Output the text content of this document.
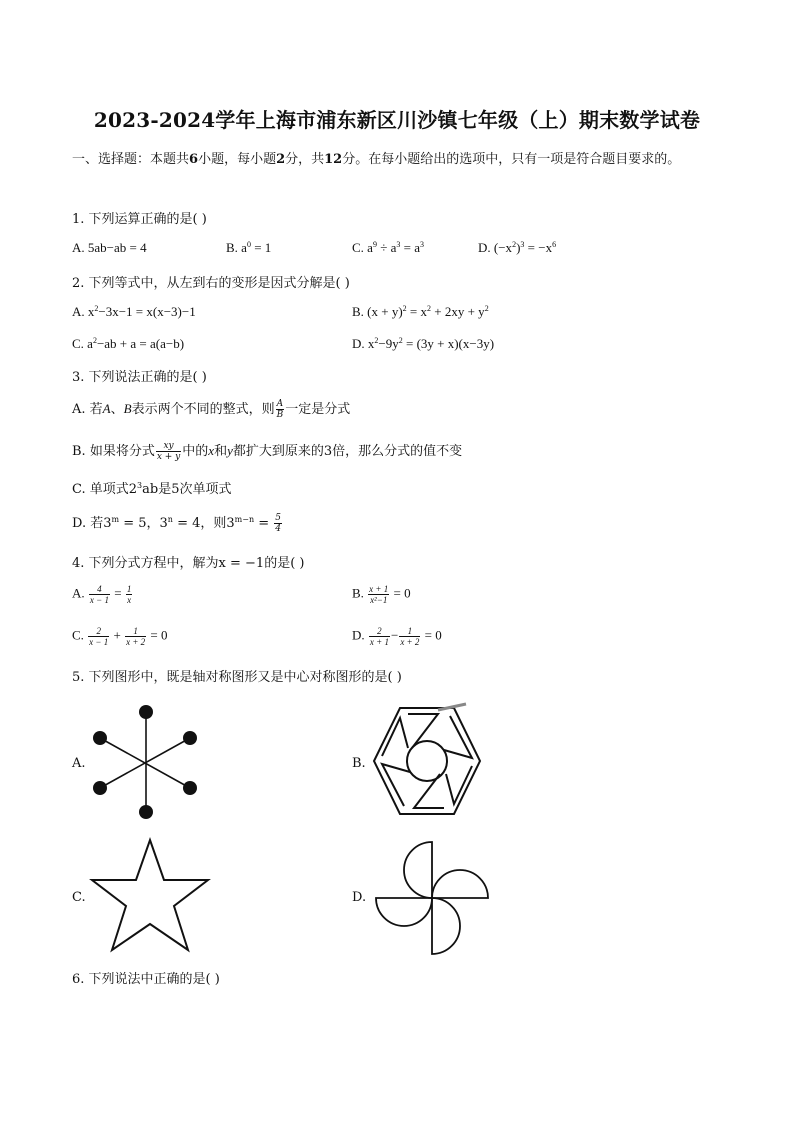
2023-2024学年上海市浦东新区川沙镇七年级（上）期末数学试卷
一、选择题：本题共6小题，每小题2分，共12分。在每小题给出的选项中，只有一项是符合题目要求的。
1. 下列运算正确的是( )
A. 5ab−ab = 4	B. $a^0 = 1$	C. $a^9 \div a^3 = a^3$	D. $(-x^2)^3 = -x^6$
2. 下列等式中，从左到右的变形是因式分解是( )
A. $x^2-3x-1 = x(x-3)-1$	B. $(x + y)^2 = x^2 + 2xy + y^2$
C. $a^2-ab + a = a(a-b)$	D. $x^2-9y^2 = (3y + x)(x-3y)$
3. 下列说法正确的是( )
A. 若A、B表示两个不同的整式，则 $\frac{A}{B}$ 一定是分式
B. 如果将分式 $\frac{xy}{x + y}$ 中的x和y都扩大到原来的3倍，那么分式的值不变
C. 单项式$2^3ab$是5次单项式
D. 若$3^m = 5$，$3^n = 4$，则$3^{m-n} = \frac{5}{4}$
4. 下列分式方程中，解为x = −1的是( )
A. $\frac{4}{x - 1} = \frac{1}{x}$	B. $\frac{x + 1}{\text{x²−1}} = 0$
C. $\frac{2}{x - 1} + \frac{1}{x + 2} = 0$	D. $\frac{2}{x + 1} - \frac{1}{x + 2} = 0$
5. 下列图形中，既是轴对称图形又是中心对称图形的是( )
A.	B.
C.	D.
6. 下列说法中正确的是( )
